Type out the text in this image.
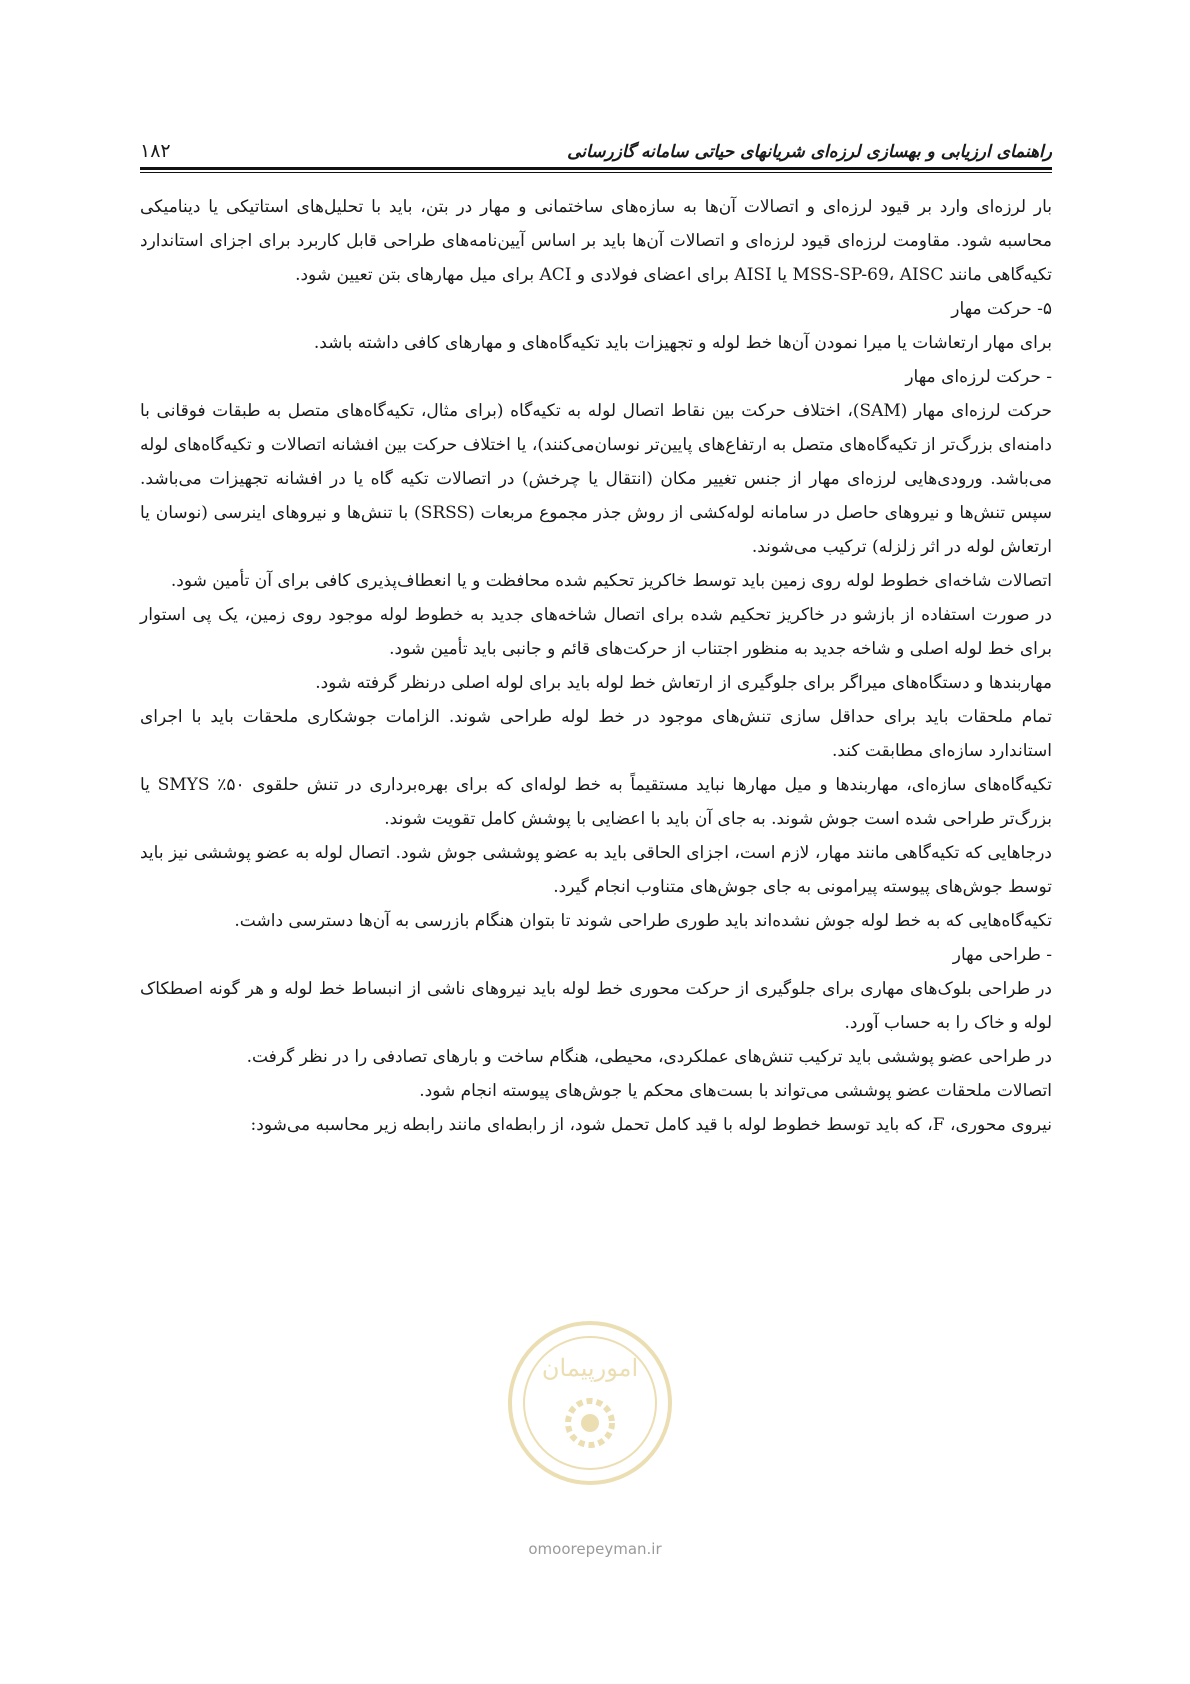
۱۸۲	راهنمای ارزیابی و بهسازی لرزه‌ای شریانهای حیاتی سامانه گازرسانی

بار لرزه‌ای وارد بر قیود لرزه‌ای و اتصالات آن‌ها به سازه‌های ساختمانی و مهار در بتن، باید با تحلیل‌های استاتیکی یا دینامیکی محاسبه شود. مقاومت لرزه‌ای قیود لرزه‌ای و اتصالات آن‌ها باید بر اساس آیین‌نامه‌های طراحی قابل کاربرد برای اجزای استاندارد تکیه‌گاهی مانند MSS-SP-69، AISC یا AISI برای اعضای فولادی و ACI برای میل مهارهای بتن تعیین شود.

۵- حرکت مهار

برای مهار ارتعاشات یا میرا نمودن آن‌ها خط لوله و تجهیزات باید تکیه‌گاه‌های و مهارهای کافی داشته باشد.

- حرکت لرزه‌ای مهار

حرکت لرزه‌ای مهار (SAM)، اختلاف حرکت بین نقاط اتصال لوله به تکیه‌گاه (برای مثال، تکیه‌گاه‌های متصل به طبقات فوقانی با دامنه‌ای بزرگ‌تر از تکیه‌گاه‌های متصل به ارتفاع‌های پایین‌تر نوسان‌می‌کنند)، یا اختلاف حرکت بین افشانه اتصالات و تکیه‌گاه‌های لوله می‌باشد. ورودی‌هایی لرزه‌ای مهار از جنس تغییر مکان (انتقال یا چرخش) در اتصالات تکیه گاه یا در افشانه تجهیزات می‌باشد. سپس تنش‌ها و نیروهای حاصل در سامانه لوله‌کشی از روش جذر مجموع مربعات (SRSS) با تنش‌ها و نیروهای اینرسی (نوسان یا ارتعاش لوله در اثر زلزله) ترکیب می‌شوند.

اتصالات شاخه‌ای خطوط لوله روی زمین باید توسط خاکریز تحکیم شده محافظت و یا انعطاف‌پذیری کافی برای آن تأمین شود.

در صورت استفاده از بازشو در خاکریز تحکیم شده برای اتصال شاخه‌های جدید به خطوط لوله موجود روی زمین، یک پی استوار برای خط لوله اصلی و شاخه جدید به منظور اجتناب از حرکت‌های قائم و جانبی باید تأمین شود.

مهاربندها و دستگاه‌های میراگر برای جلوگیری از ارتعاش خط لوله باید برای لوله اصلی درنظر گرفته شود.

تمام ملحقات باید برای حداقل سازی تنش‌های موجود در خط لوله طراحی شوند. الزامات جوشکاری ملحقات باید با اجرای استاندارد سازه‌ای مطابقت کند.

تکیه‌گاه‌های سازه‌ای، مهاربندها و میل مهارها نباید مستقیماً به خط لوله‌ای که برای بهره‌برداری در تنش حلقوی ۵۰٪ SMYS یا بزرگ‌تر طراحی شده است جوش شوند. به جای آن باید با اعضایی با پوشش کامل تقویت شوند.

درجاهایی که تکیه‌گاهی مانند مهار، لازم است، اجزای الحاقی باید به عضو پوششی جوش شود. اتصال لوله به عضو پوششی نیز باید توسط جوش‌های پیوسته پیرامونی به جای جوش‌های متناوب انجام گیرد.

تکیه‌گاه‌هایی که به خط لوله جوش نشده‌اند باید طوری طراحی شوند تا بتوان هنگام بازرسی به آن‌ها دسترسی داشت.

- طراحی مهار

در طراحی بلوک‌های مهاری برای جلوگیری از حرکت محوری خط لوله باید نیروهای ناشی از انبساط خط لوله و هر گونه اصطکاک لوله و خاک را به حساب آورد.

در طراحی عضو پوششی باید ترکیب تنش‌های عملکردی، محیطی، هنگام ساخت و بارهای تصادفی را در نظر گرفت.

اتصالات ملحقات عضو پوششی می‌تواند با بست‌های محکم یا جوش‌های پیوسته انجام شود.

نیروی محوری، F، که باید توسط خطوط لوله با قید کامل تحمل شود، از رابطه‌ای مانند رابطه زیر محاسبه می‌شود:

امورپیمان
omoorepeyman.ir
